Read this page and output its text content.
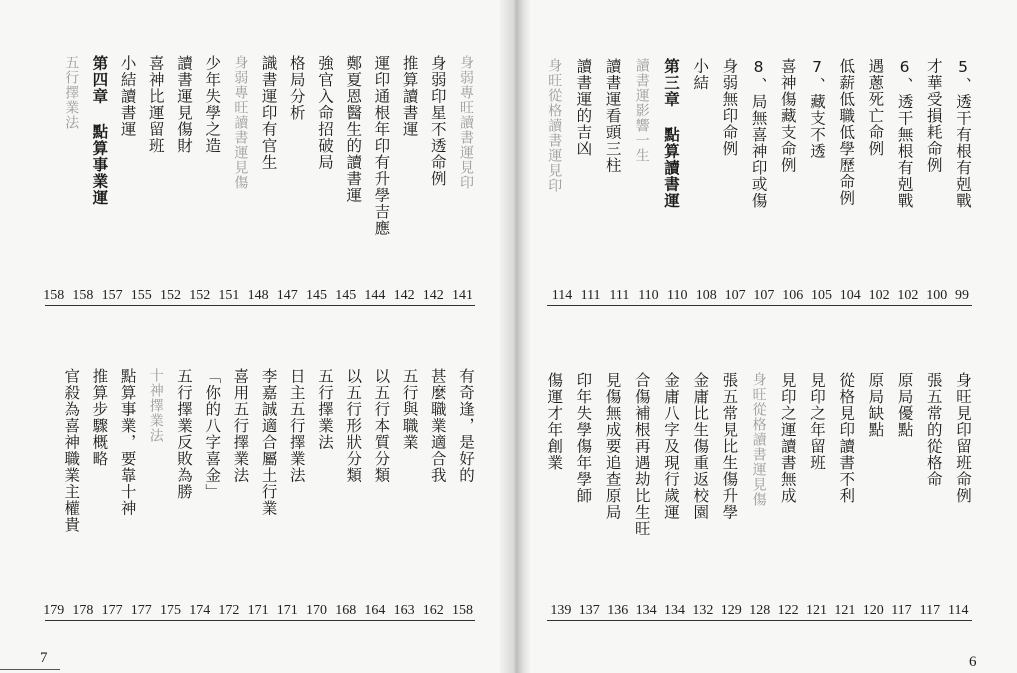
5、透干有根有剋戰
才華受損耗命例
6、透干無根有剋戰
遇蔥死亡命例
低薪低職低學歷命例
7、藏支不透
喜神傷藏支命例
8、局無喜神印或傷
身弱無印命例
小結
第三章 點算讀書運
讀書運影響一生
讀書運看頭三柱
讀書運的吉凶
身旺從格讀書運見印
99
100
102
102
104
105
106
107
107
108
110
110
111
111
114
身旺見印留班命例
張五常的從格命
原局優點
原局缺點
從格見印讀書不利
見印之年留班
見印之運讀書無成
身旺從格讀書運見傷
張五常見比生傷升學
金庸比生傷重返校園
金庸八字及現行歲運
合傷補根再遇劫比生旺
見傷無成要追查原局
印年失學傷年學師
傷運才年創業
114
117
117
120
121
121
122
128
129
132
134
134
136
137
139
身弱專旺讀書運見印
身弱印星不透命例
推算讀書運
運印通根年印有升學吉應
鄭夏恩醫生的讀書運
強官入命招破局
格局分析
識書運印有官生
身弱專旺讀書運見傷
少年失學之造
讀書運見傷財
喜神比運留班
小結讀書運
第四章 點算事業運
五行擇業法
141
142
142
144
145
145
147
148
151
152
152
155
157
158
158
有奇逢，是好的
甚麼職業適合我
五行與職業
以五行本質分類
以五行形狀分類
五行擇業法
日主五行擇業法
李嘉誠適合屬土行業
喜用五行擇業法
「你的八字喜金」
五行擇業反敗為勝
十神擇業法
點算事業，要靠十神
推算步驟概略
官殺為喜神職業主權貴
158
162
163
164
168
170
171
171
172
174
175
177
177
178
179
7	6
